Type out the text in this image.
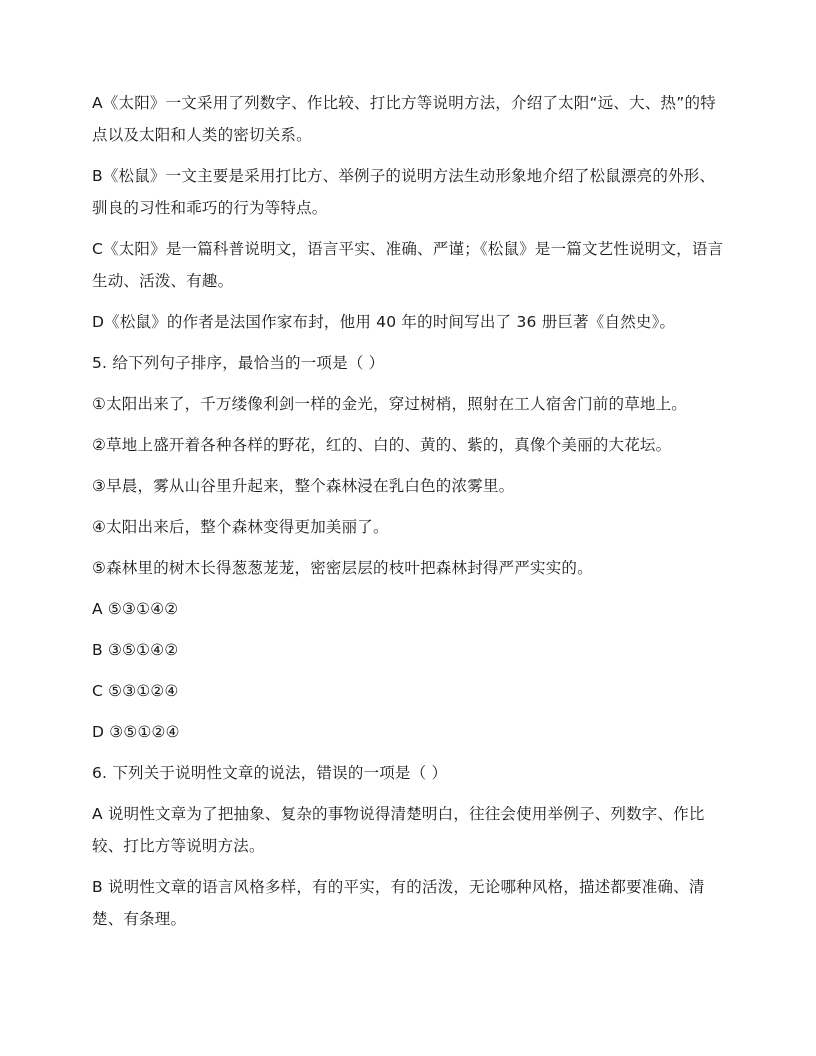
A《太阳》一文采用了列数字、作比较、打比方等说明方法，介绍了太阳“远、大、热”的特点以及太阳和人类的密切关系。

B《松鼠》一文主要是采用打比方、举例子的说明方法生动形象地介绍了松鼠漂亮的外形、驯良的习性和乖巧的行为等特点。

C《太阳》是一篇科普说明文，语言平实、准确、严谨；《松鼠》是一篇文艺性说明文，语言生动、活泼、有趣。

D《松鼠》的作者是法国作家布封，他用 40 年的时间写出了 36 册巨著《自然史》。

5. 给下列句子排序，最恰当的一项是（ ）

①太阳出来了，千万缕像利剑一样的金光，穿过树梢，照射在工人宿舍门前的草地上。

②草地上盛开着各种各样的野花，红的、白的、黄的、紫的，真像个美丽的大花坛。

③早晨，雾从山谷里升起来，整个森林浸在乳白色的浓雾里。

④太阳出来后，整个森林变得更加美丽了。

⑤森林里的树木长得葱葱茏茏，密密层层的枝叶把森林封得严严实实的。

A ⑤③①④②

B ③⑤①④②

C ⑤③①②④

D ③⑤①②④

6. 下列关于说明性文章的说法，错误的一项是（ ）

A 说明性文章为了把抽象、复杂的事物说得清楚明白，往往会使用举例子、列数字、作比较、打比方等说明方法。

B 说明性文章的语言风格多样，有的平实，有的活泼，无论哪种风格，描述都要准确、清楚、有条理。
